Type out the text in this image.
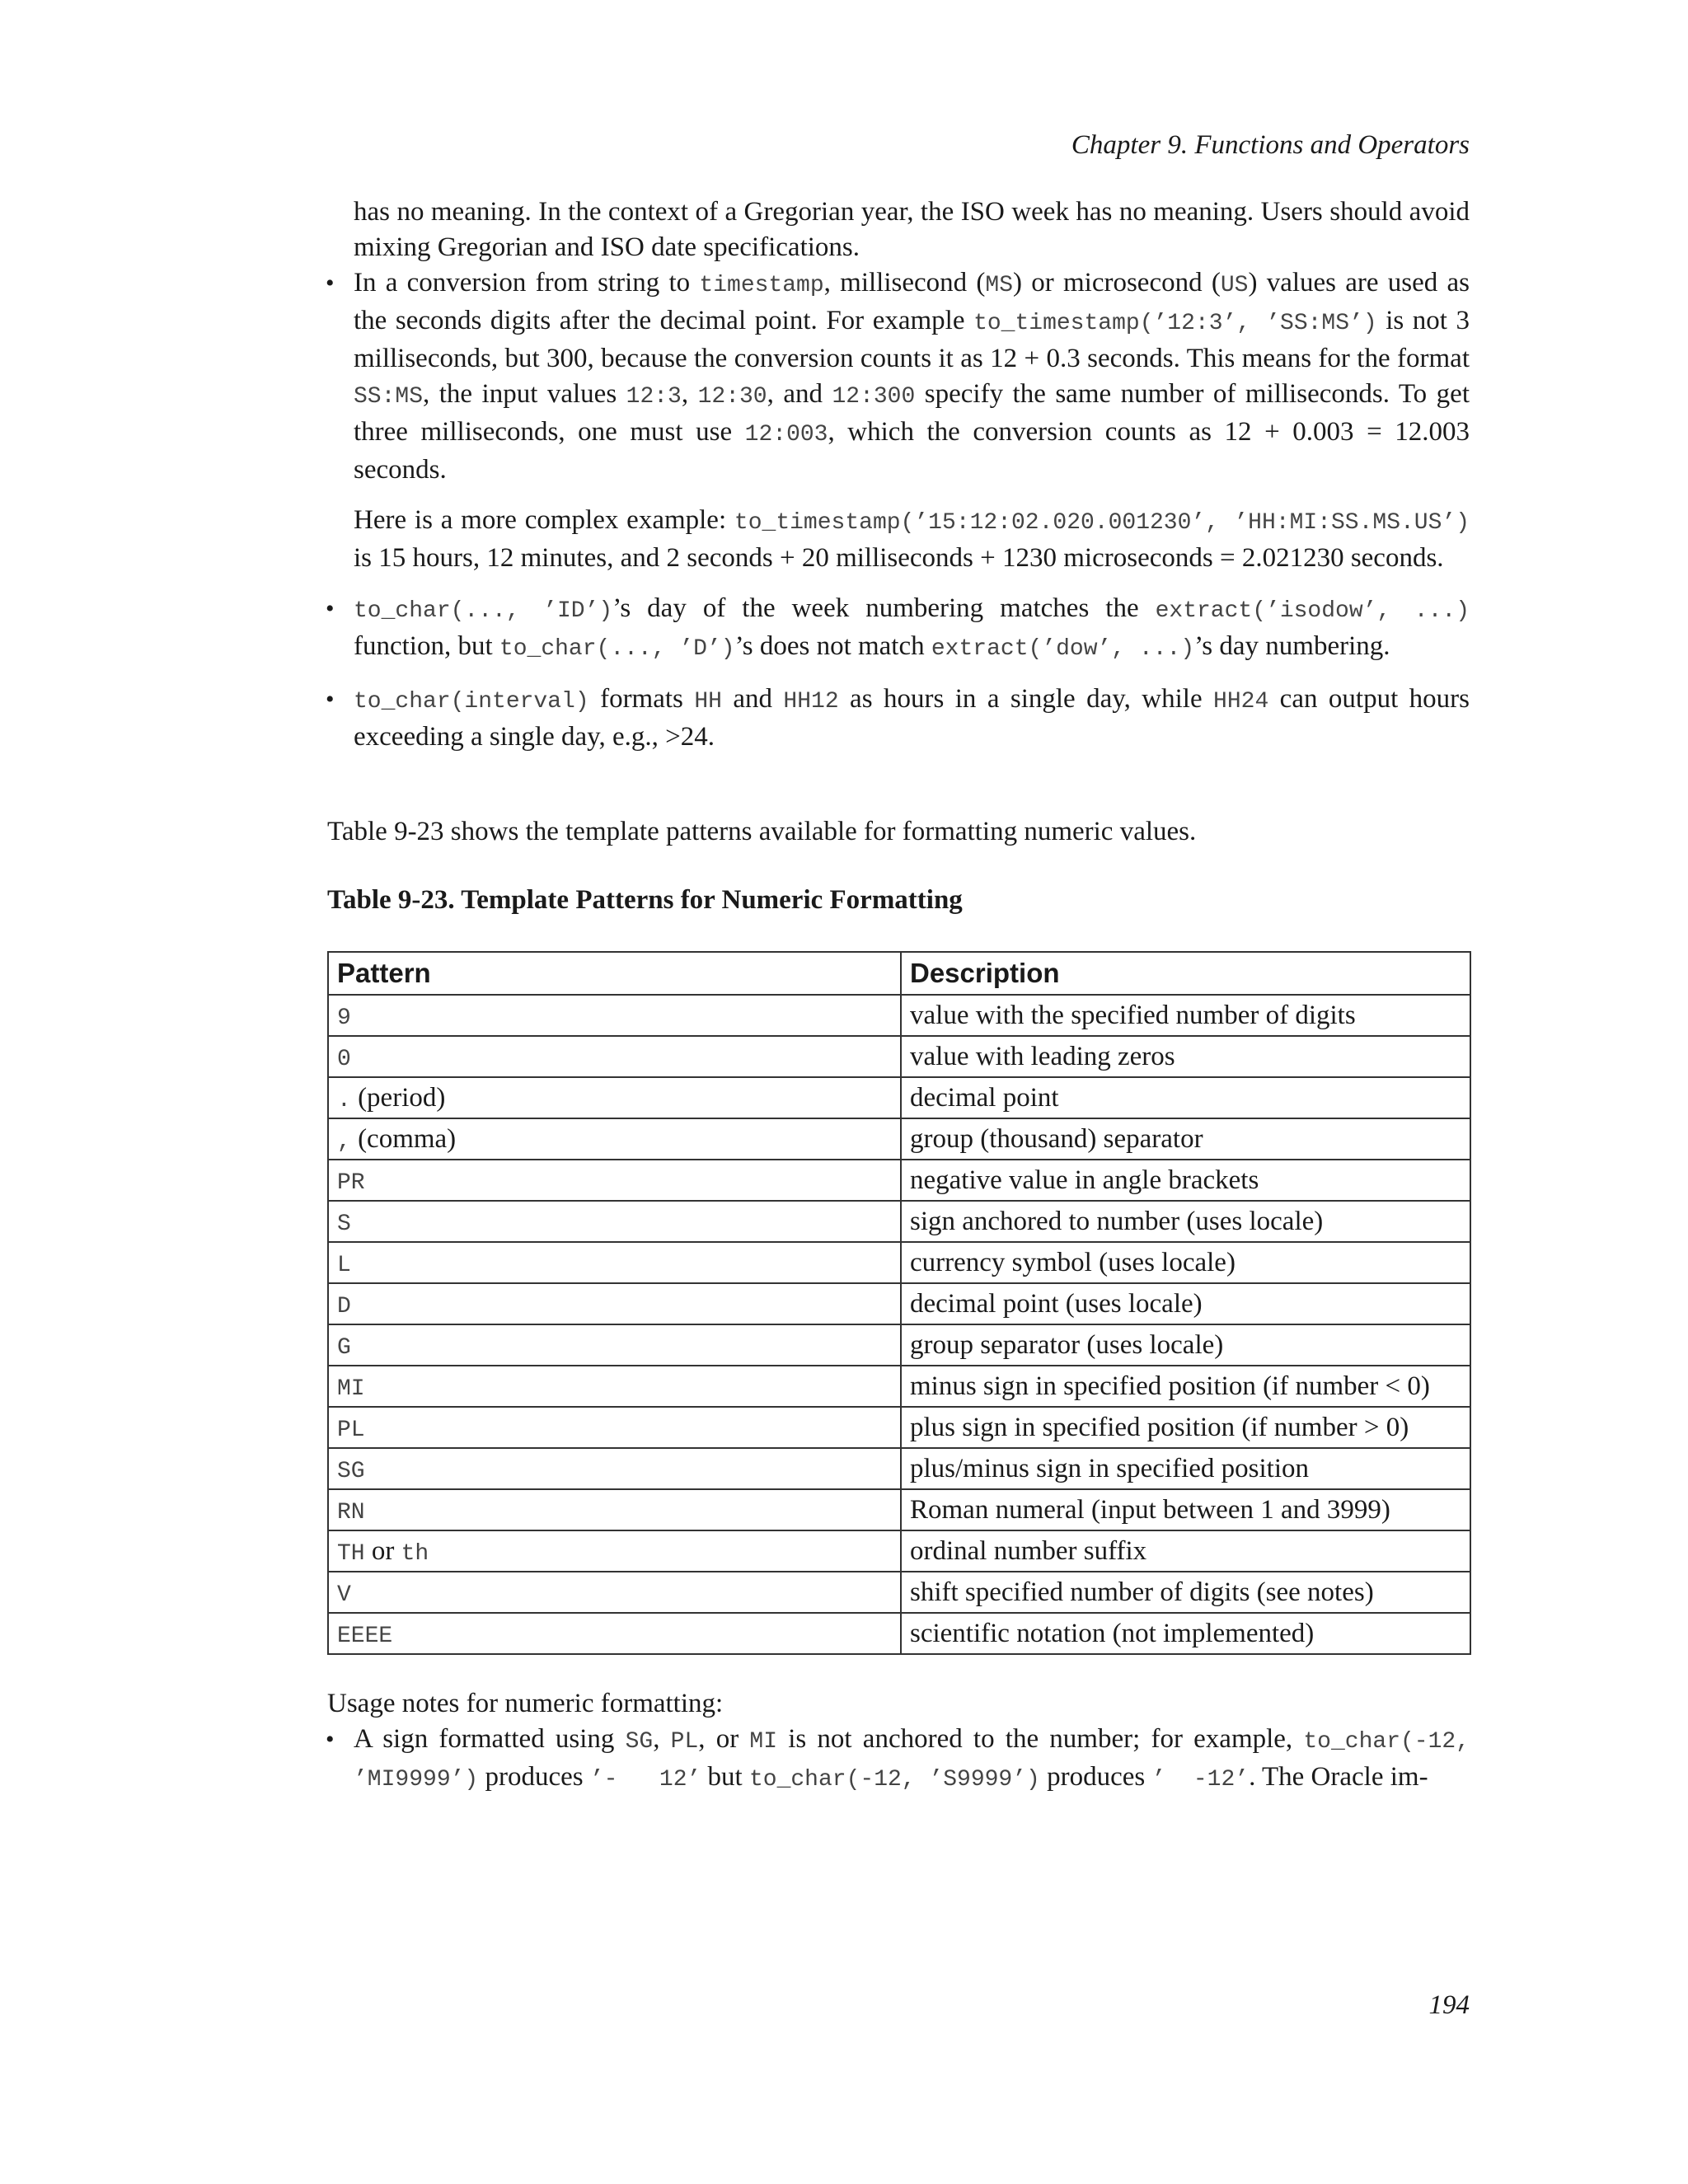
Chapter 9. Functions and Operators

has no meaning. In the context of a Gregorian year, the ISO week has no meaning. Users should avoid mixing Gregorian and ISO date specifications.

• In a conversion from string to timestamp, millisecond (MS) or microsecond (US) values are used as the seconds digits after the decimal point. For example to_timestamp(’12:3’, ’SS:MS’) is not 3 milliseconds, but 300, because the conversion counts it as 12 + 0.3 seconds. This means for the format SS:MS, the input values 12:3, 12:30, and 12:300 specify the same number of milliseconds. To get three milliseconds, one must use 12:003, which the conversion counts as 12 + 0.003 = 12.003 seconds.

Here is a more complex example: to_timestamp(’15:12:02.020.001230’, ’HH:MI:SS.MS.US’) is 15 hours, 12 minutes, and 2 seconds + 20 milliseconds + 1230 microseconds = 2.021230 seconds.

• to_char(..., ’ID’)’s day of the week numbering matches the extract(’isodow’, ...) function, but to_char(..., ’D’)’s does not match extract(’dow’, ...)’s day numbering.

• to_char(interval) formats HH and HH12 as hours in a single day, while HH24 can output hours exceeding a single day, e.g., >24.

Table 9-23 shows the template patterns available for formatting numeric values.

Table 9-23. Template Patterns for Numeric Formatting
Pattern	Description
9	value with the specified number of digits
0	value with leading zeros
. (period)	decimal point
, (comma)	group (thousand) separator
PR	negative value in angle brackets
S	sign anchored to number (uses locale)
L	currency symbol (uses locale)
D	decimal point (uses locale)
G	group separator (uses locale)
MI	minus sign in specified position (if number < 0)
PL	plus sign in specified position (if number > 0)
SG	plus/minus sign in specified position
RN	Roman numeral (input between 1 and 3999)
TH or th	ordinal number suffix
V	shift specified number of digits (see notes)
EEEE	scientific notation (not implemented)

Usage notes for numeric formatting:

• A sign formatted using SG, PL, or MI is not anchored to the number; for example, to_char(-12, ’MI9999’) produces ’-   12’ but to_char(-12, ’S9999’) produces ’  -12’. The Oracle im-

194
